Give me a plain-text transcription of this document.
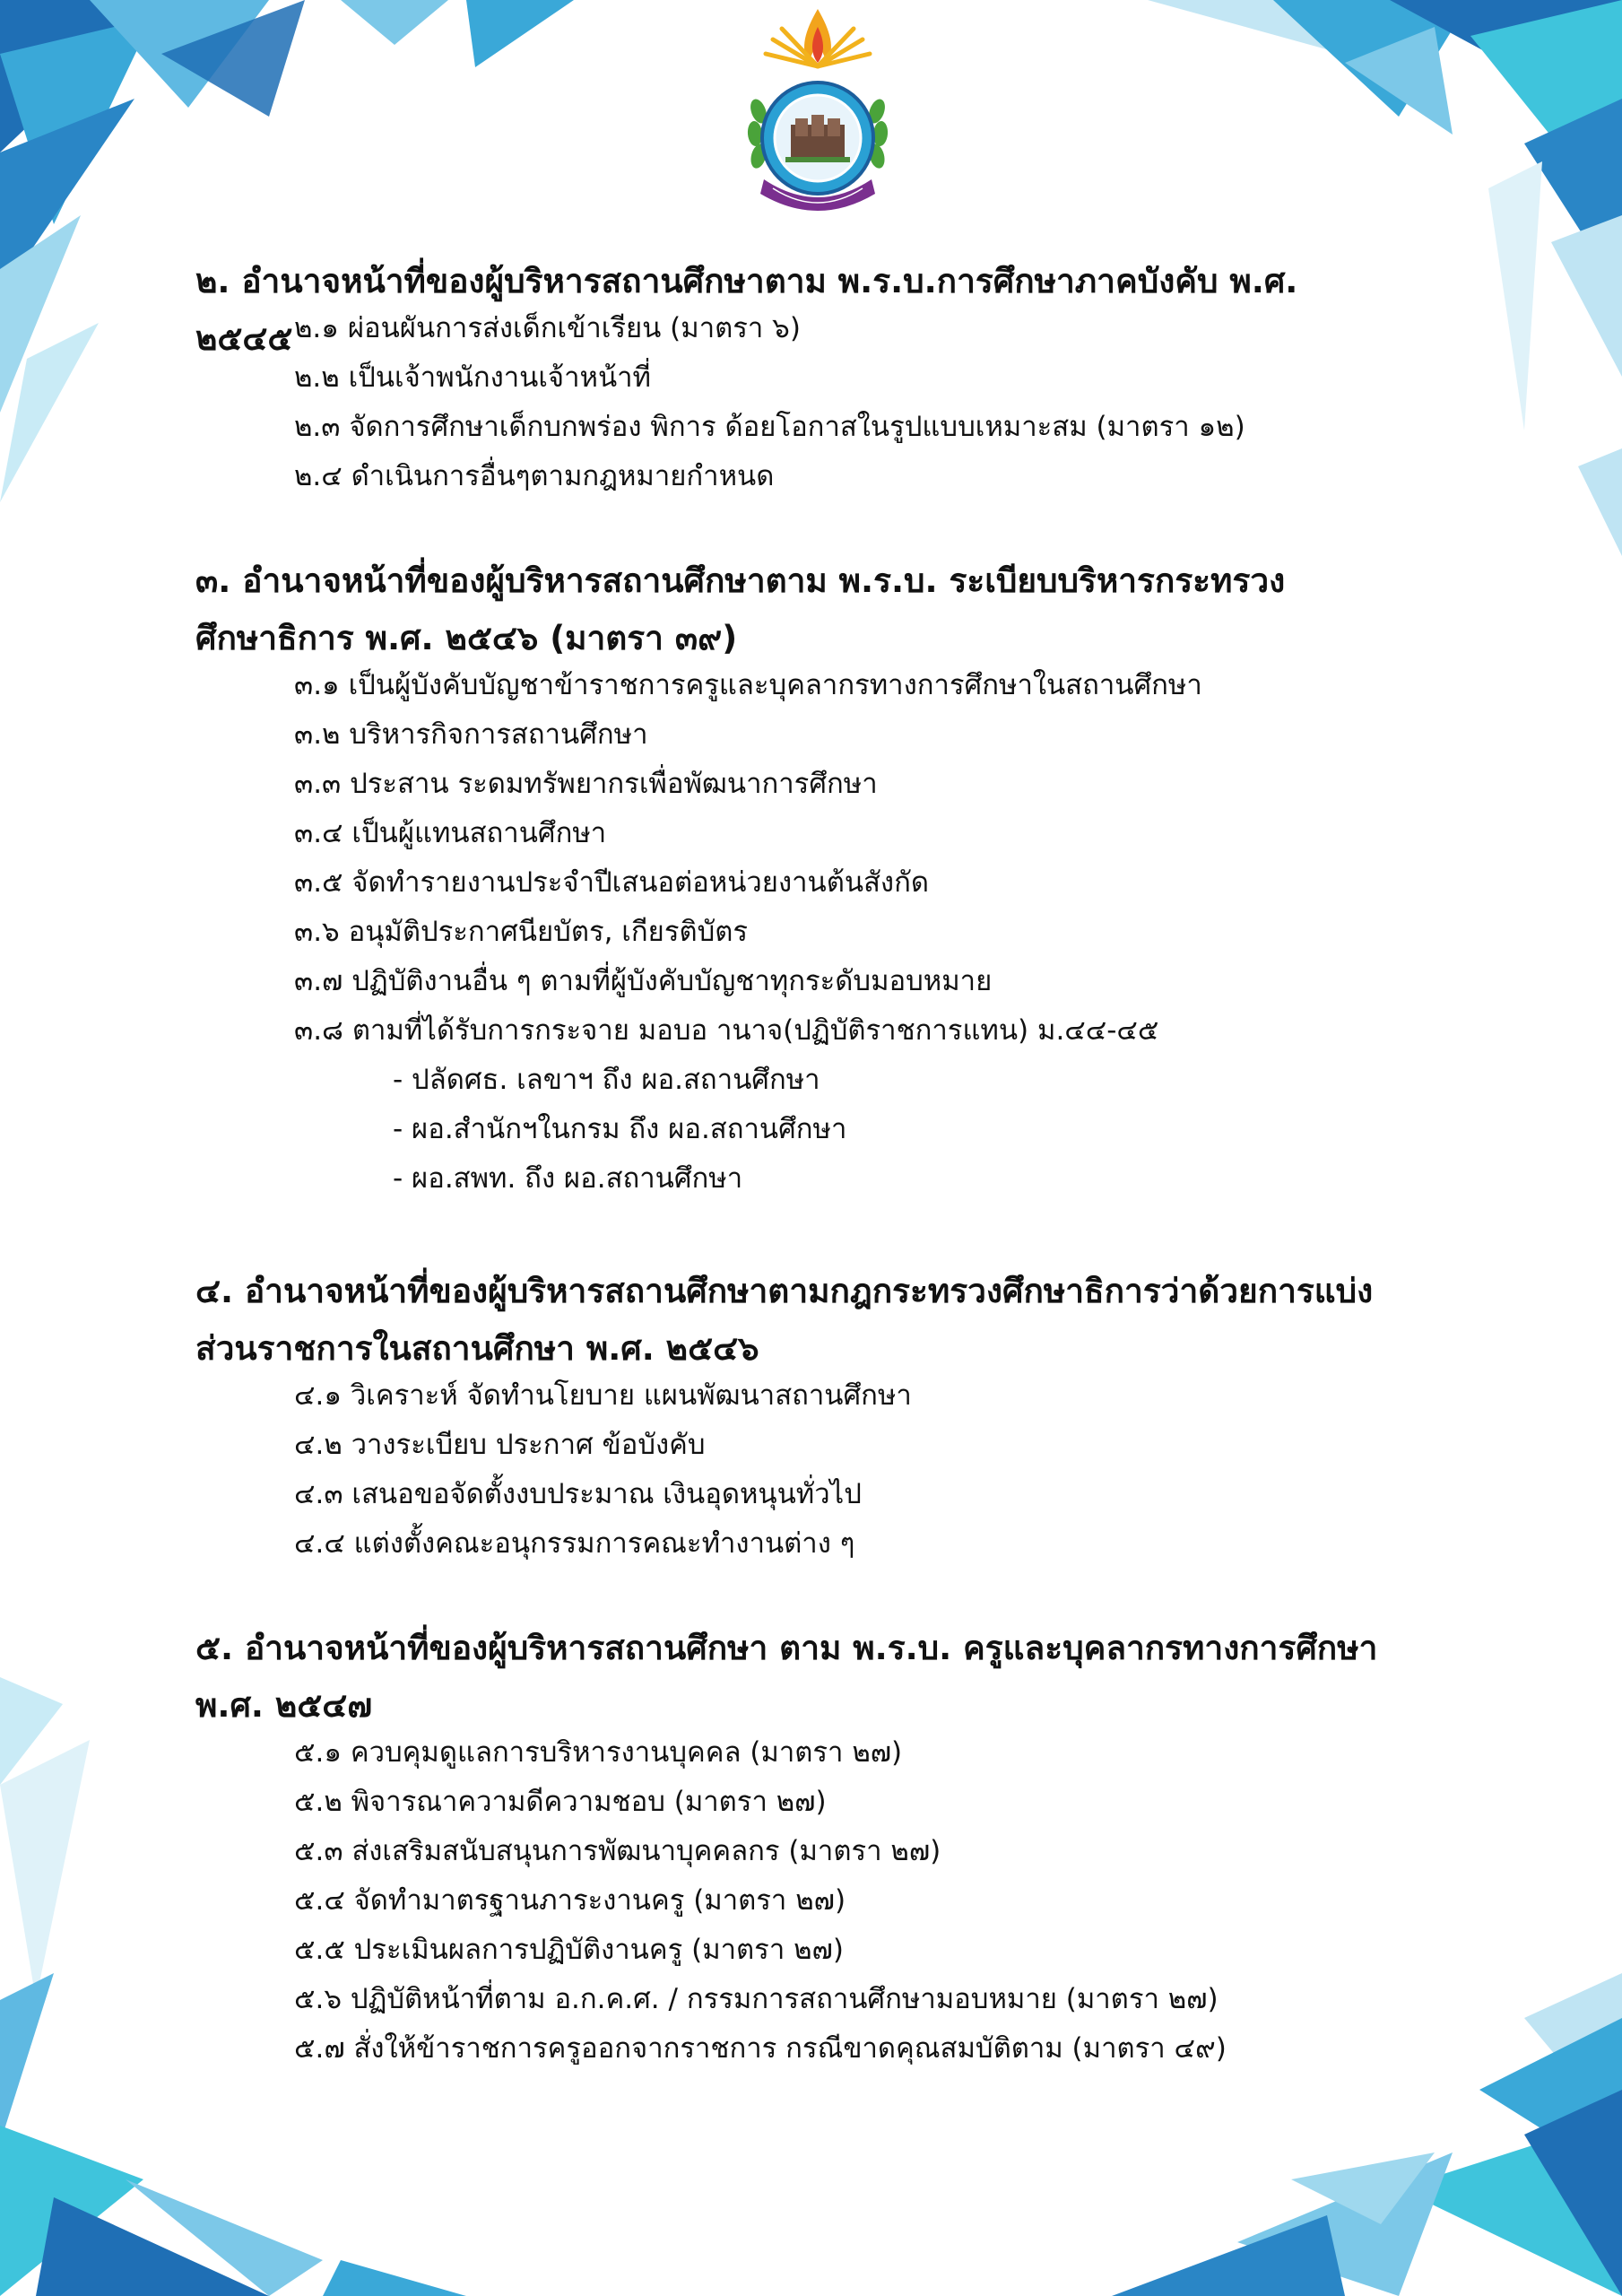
๒. อำนาจหน้าที่ของผู้บริหารสถานศึกษาตาม พ.ร.บ.การศึกษาภาคบังคับ พ.ศ. ๒๕๔๕ ๒.๑ ผ่อนผันการส่งเด็กเข้าเรียน (มาตรา ๖)
๒.๒ เป็นเจ้าพนักงานเจ้าหน้าที่
๒.๓ จัดการศึกษาเด็กบกพร่อง พิการ ด้อยโอกาสในรูปแบบเหมาะสม (มาตรา ๑๒)
๒.๔ ดำเนินการอื่นๆตามกฎหมายกำหนด
๓. อำนาจหน้าที่ของผู้บริหารสถานศึกษาตาม พ.ร.บ. ระเบียบบริหารกระทรวงศึกษาธิการ พ.ศ. ๒๕๔๖ (มาตรา ๓๙)
๓.๑ เป็นผู้บังคับบัญชาข้าราชการครูและบุคลากรทางการศึกษาในสถานศึกษา
๓.๒ บริหารกิจการสถานศึกษา
๓.๓ ประสาน ระดมทรัพยากรเพื่อพัฒนาการศึกษา
๓.๔ เป็นผู้แทนสถานศึกษา
๓.๕ จัดทำรายงานประจำปีเสนอต่อหน่วยงานต้นสังกัด
๓.๖ อนุมัติประกาศนียบัตร, เกียรติบัตร
๓.๗ ปฏิบัติงานอื่น ๆ ตามที่ผู้บังคับบัญชาทุกระดับมอบหมาย
๓.๘ ตามที่ได้รับการกระจาย มอบอ านาจ(ปฏิบัติราชการแทน) ม.๔๔-๔๕
- ปลัดศธ. เลขาฯ ถึง ผอ.สถานศึกษา
- ผอ.สำนักฯในกรม ถึง ผอ.สถานศึกษา
- ผอ.สพท. ถึง ผอ.สถานศึกษา
๔. อำนาจหน้าที่ของผู้บริหารสถานศึกษาตามกฎกระทรวงศึกษาธิการว่าด้วยการแบ่งส่วนราชการในสถานศึกษา พ.ศ. ๒๕๔๖
๔.๑ วิเคราะห์ จัดทำนโยบาย แผนพัฒนาสถานศึกษา
๔.๒ วางระเบียบ ประกาศ ข้อบังคับ
๔.๓ เสนอขอจัดตั้งงบประมาณ เงินอุดหนุนทั่วไป
๔.๔ แต่งตั้งคณะอนุกรรมการคณะทำงานต่าง ๆ
๕. อำนาจหน้าที่ของผู้บริหารสถานศึกษา ตาม พ.ร.บ. ครูและบุคลากรทางการศึกษา พ.ศ. ๒๕๔๗
๕.๑ ควบคุมดูแลการบริหารงานบุคคล (มาตรา ๒๗)
๕.๒ พิจารณาความดีความชอบ (มาตรา ๒๗)
๕.๓ ส่งเสริมสนับสนุนการพัฒนาบุคคลกร (มาตรา ๒๗)
๕.๔ จัดทำมาตรฐานภาระงานครู (มาตรา ๒๗)
๕.๕ ประเมินผลการปฏิบัติงานครู (มาตรา ๒๗)
๕.๖ ปฏิบัติหน้าที่ตาม อ.ก.ค.ศ. / กรรมการสถานศึกษามอบหมาย (มาตรา ๒๗)
๕.๗ สั่งให้ข้าราชการครูออกจากราชการ กรณีขาดคุณสมบัติตาม (มาตรา ๔๙)
